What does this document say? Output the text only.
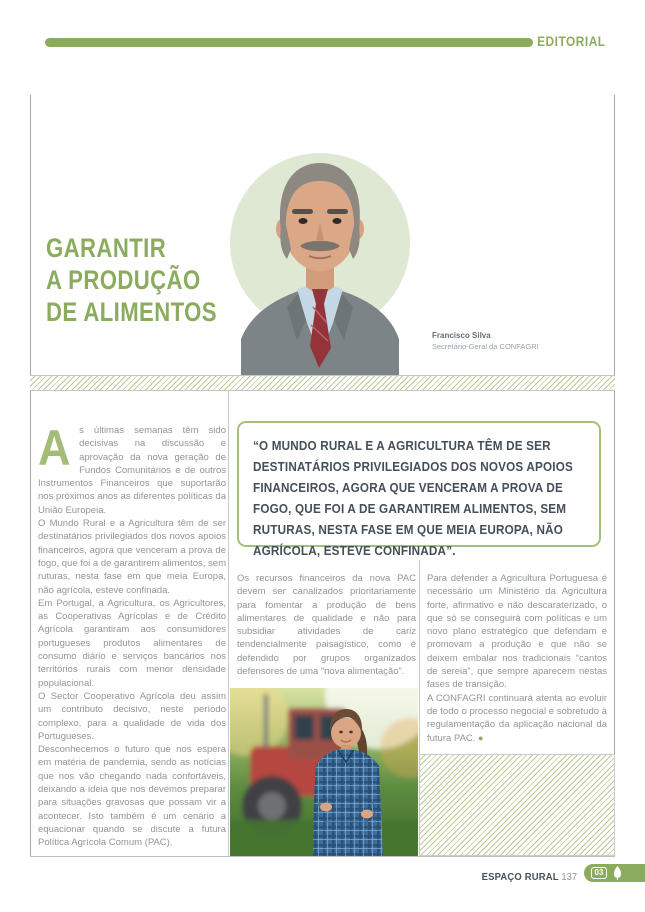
EDITORIAL
GARANTIR
A PRODUÇÃO
DE ALIMENTOS
Francisco Silva
Secretário-Geral da CONFAGRI
“O MUNDO RURAL E A AGRICULTURA TÊM DE SER DESTINATÁRIOS PRIVILEGIADOS DOS NOVOS APOIOS FINANCEIROS, AGORA QUE VENCERAM A PROVA DE FOGO, QUE FOI A DE GARANTIREM ALIMENTOS, SEM RUTURAS, NESTA FASE EM QUE MEIA EUROPA, NÃO AGRÍCOLA, ESTEVE CONFINADA”.

As últimas semanas têm sido decisivas na discussão e aprovação da nova geração de Fundos Comunitários e de outros Instrumentos Financeiros que suportarão nos próximos anos as diferentes políticas da União Europeia.

O Mundo Rural e a Agricultura têm de ser destinatários privilegiados dos novos apoios financeiros, agora que venceram a prova de fogo, que foi a de garantirem alimentos, sem ruturas, nesta fase em que meia Europa, não agrícola, esteve confinada.

Em Portugal, a Agricultura, os Agricultores, as Cooperativas Agrícolas e de Crédito Agrícola garantiram aos consumidores portugueses produtos alimentares de consumo diário e serviços bancários nos territórios rurais com menor densidade populacional.

O Sector Cooperativo Agrícola deu assim um contributo decisivo, neste período complexo, para a qualidade de vida dos Portugueses.

Desconhecemos o futuro que nos espera em matéria de pandemia, sendo as notícias que nos vão chegando nada confortáveis, deixando a ideia que nos devemos preparar para situações gravosas que possam vir a acontecer. Isto também é um cenário a equacionar quando se discute a futura Política Agrícola Comum (PAC).

Os recursos financeiros da nova PAC devem ser canalizados prioritariamente para fomentar a produção de bens alimentares de qualidade e não para subsidiar atividades de cariz tendencialmente paisagístico, como é defendido por grupos organizados defensores de uma “nova alimentação”.

Para defender a Agricultura Portuguesa é necessário um Ministério da Agricultura forte, afirmativo e não descaraterizado, o que só se conseguirá com políticas e um novo plano estratégico que defendam e promovam a produção e que não se deixem embalar nos tradicionais “cantos de sereia”, que sempre aparecem nestas fases de transição.

A CONFAGRI continuará atenta ao evoluir de todo o processo negocial e sobretudo à regulamentação da aplicação nacional da futura PAC. ●

ESPAÇO RURAL 137	03
